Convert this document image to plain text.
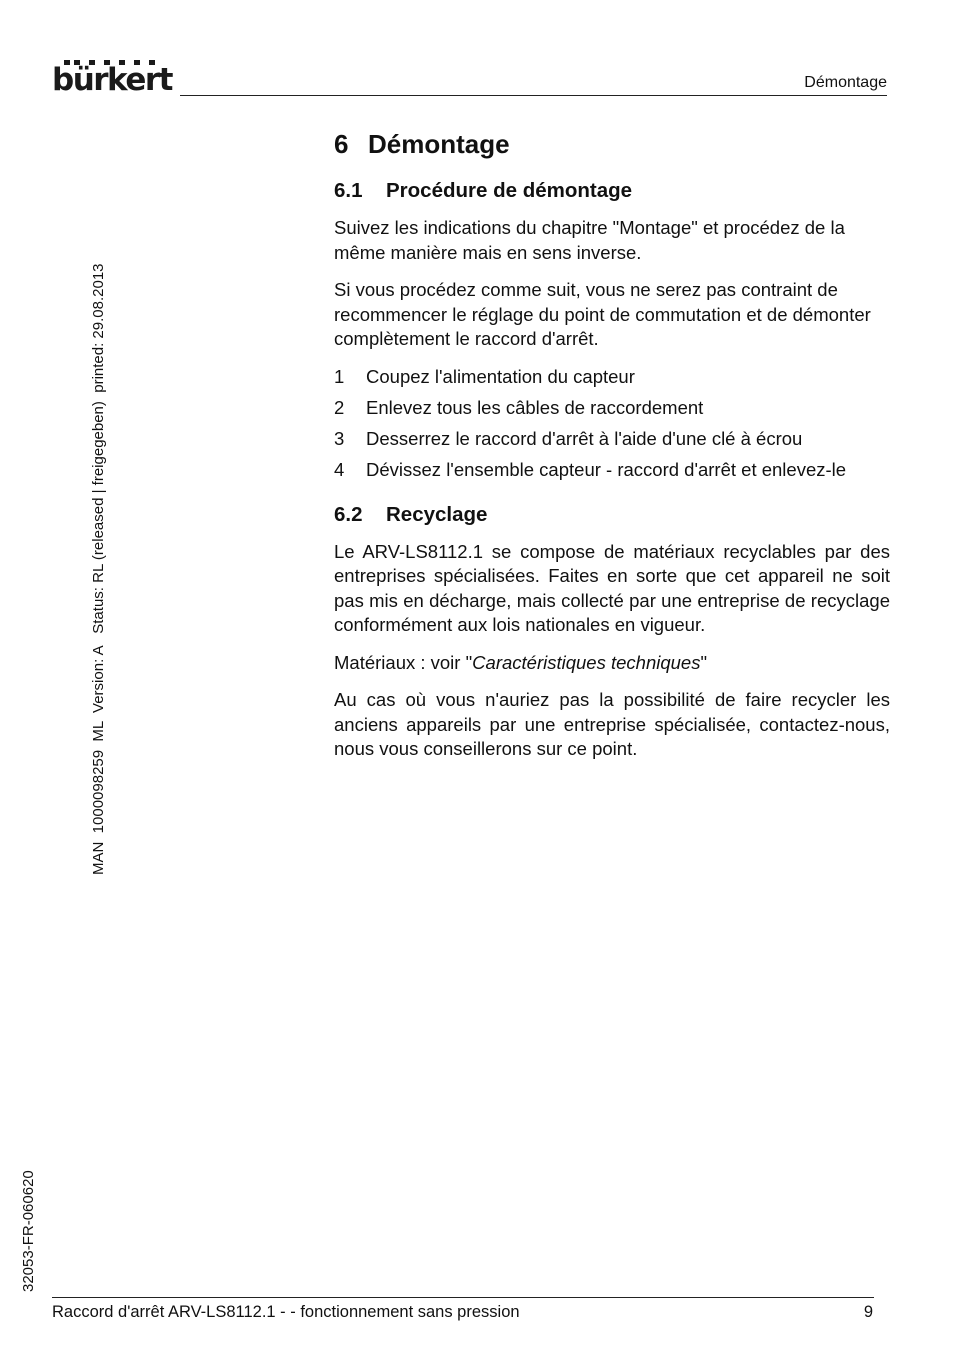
bürkert	Démontage
MAN  1000098259  ML  Version: A   Status: RL (released | freigegeben)  printed: 29.08.2013
32053-FR-060620
6 Démontage
6.1 Procédure de démontage

Suivez les indications du chapitre "Montage" et procédez de la même manière mais en sens inverse.

Si vous procédez comme suit, vous ne serez pas contraint de recommencer le réglage du point de commutation et de démonter complètement le raccord d'arrêt.

1 Coupez l'alimentation du capteur
2 Enlevez tous les câbles de raccordement
3 Desserrez le raccord d'arrêt à l'aide d'une clé à écrou
4 Dévissez l'ensemble capteur - raccord d'arrêt et enlevez-le
6.2 Recyclage

Le ARV-LS8112.1 se compose de matériaux recyclables par des entreprises spécialisées. Faites en sorte que cet appareil ne soit pas mis en décharge, mais collecté par une entreprise de recyclage conformément aux lois nationales en vigueur.

Matériaux : voir "Caractéristiques techniques"

Au cas où vous n'auriez pas la possibilité de faire recycler les anciens appareils par une entreprise spécialisée, contactez-nous, nous vous conseillerons sur ce point.

Raccord d'arrêt ARV-LS8112.1 - - fonctionnement sans pression	9
